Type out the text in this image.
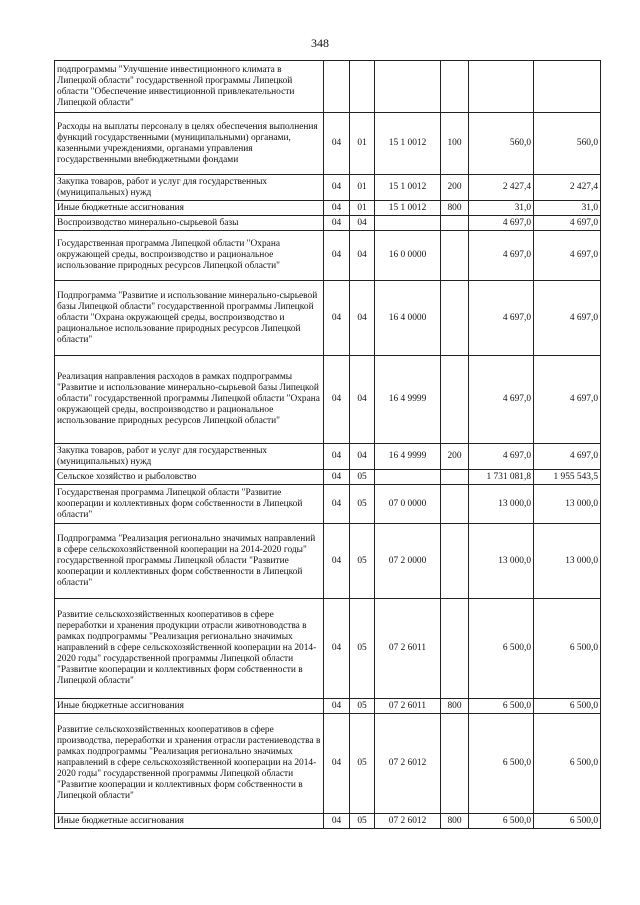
348
подпрограммы "Улучшение инвестиционного климата в Липецкой области" государственной программы Липецкой области "Обеспечение инвестиционной привлекательности Липецкой области"						
Расходы на выплаты персоналу в целях обеспечения выполнения функций государственными (муниципальными) органами, казенными учреждениями, органами управления государственными внебюджетными фондами	04	01	15 1 0012	100	560,0	560,0
Закупка товаров, работ и услуг для государственных (муниципальных) нужд	04	01	15 1 0012	200	2 427,4	2 427,4
Иные бюджетные ассигнования	04	01	15 1 0012	800	31,0	31,0
Воспроизводство минерально-сырьевой базы	04	04			4 697,0	4 697,0
Государственная программа Липецкой области "Охрана окружающей среды, воспроизводство и рациональное использование природных ресурсов Липецкой области"	04	04	16 0 0000		4 697,0	4 697,0
Подпрограмма "Развитие и использование минерально-сырьевой базы Липецкой области" государственной программы Липецкой области "Охрана окружающей среды, воспроизводство и рациональное использование природных ресурсов Липецкой области"	04	04	16 4 0000		4 697,0	4 697,0
Реализация направления расходов в рамках подпрограммы "Развитие и использование минерально-сырьевой базы Липецкой области" государственной программы Липецкой области "Охрана окружающей среды, воспроизводство и рациональное использование природных ресурсов Липецкой области"	04	04	16 4 9999		4 697,0	4 697,0
Закупка товаров, работ и услуг для государственных (муниципальных) нужд	04	04	16 4 9999	200	4 697,0	4 697,0
Сельское хозяйство и рыболовство	04	05			1 731 081,8	1 955 543,5
Государственая программа Липецкой области "Развитие кооперации и коллективных форм собственности в Липецкой области"	04	05	07 0 0000		13 000,0	13 000,0
Подпрограмма "Реализация регионально значимых направлений в сфере сельскохозяйственной кооперации на 2014-2020 годы" государственной программы Липецкой области "Развитие кооперации и коллективных форм собственности в Липецкой области"	04	05	07 2 0000		13 000,0	13 000,0
Развитие сельскохозяйственных кооперативов в сфере переработки и хранения продукции отрасли животноводства в рамках подпрограммы "Реализация регионально значимых направлений в сфере сельскохозяйственной кооперации на 2014-2020 годы" государственной программы Липецкой области "Развитие кооперации и коллективных форм собственности в Липецкой области"	04	05	07 2 6011		6 500,0	6 500,0
Иные бюджетные ассигнования	04	05	07 2 6011	800	6 500,0	6 500,0
Развитие сельскохозяйственных кооперативов в сфере производства, переработки и хранения отрасли растениеводства в рамках подпрограммы "Реализация регионально значимых направлений в сфере сельскохозяйственной кооперации на 2014-2020 годы" государственной программы Липецкой области "Развитие кооперации и коллективных форм собственности в Липецкой области"	04	05	07 2 6012		6 500,0	6 500,0
Иные бюджетные ассигнования	04	05	07 2 6012	800	6 500,0	6 500,0
